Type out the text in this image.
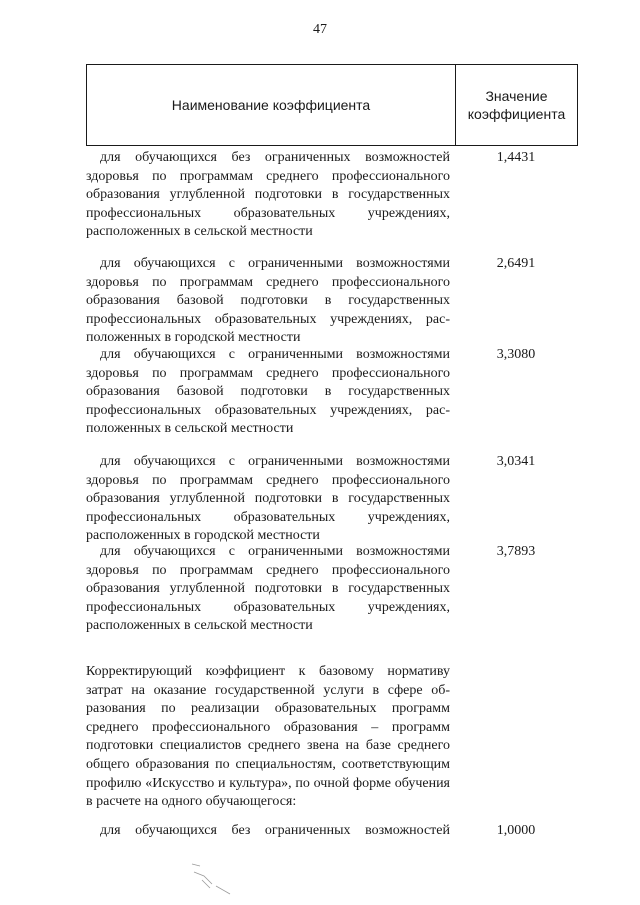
47
Наименование коэффициента
Значение
коэффициента
для обучающихся без ограниченных возможностей здоровья по программам среднего профессионального образования углубленной подготовки в государственных профессиональных образовательных учреждениях, расположенных в сельской местности
1,4431
для обучающихся с ограниченными возможностями здоровья по программам среднего профессионального образования базовой подготовки в государственных профессиональных образовательных учреждениях, расположенных в городской местности
2,6491
для обучающихся с ограниченными возможностями здоровья по программам среднего профессионального образования базовой подготовки в государственных профессиональных образовательных учреждениях, расположенных в сельской местности
3,3080
для обучающихся с ограниченными возможностями здоровья по программам среднего профессионального образования углубленной подготовки в государственных профессиональных образовательных учреждениях, расположенных в городской местности
3,0341
для обучающихся с ограниченными возможностями здоровья по программам среднего профессионального образования углубленной подготовки в государственных профессиональных образовательных учреждениях, расположенных в сельской местности
3,7893
Корректирующий коэффициент к базовому нормативу затрат на оказание государственной услуги в сфере образования по реализации образовательных программ среднего профессионального образования – программ подготовки специалистов среднего звена на базе среднего общего образования по специальностям, соответствующим профилю «Искусство и культура», по очной форме обучения в расчете на одного обучающегося:
для обучающихся без ограниченных возможностей	1,0000
